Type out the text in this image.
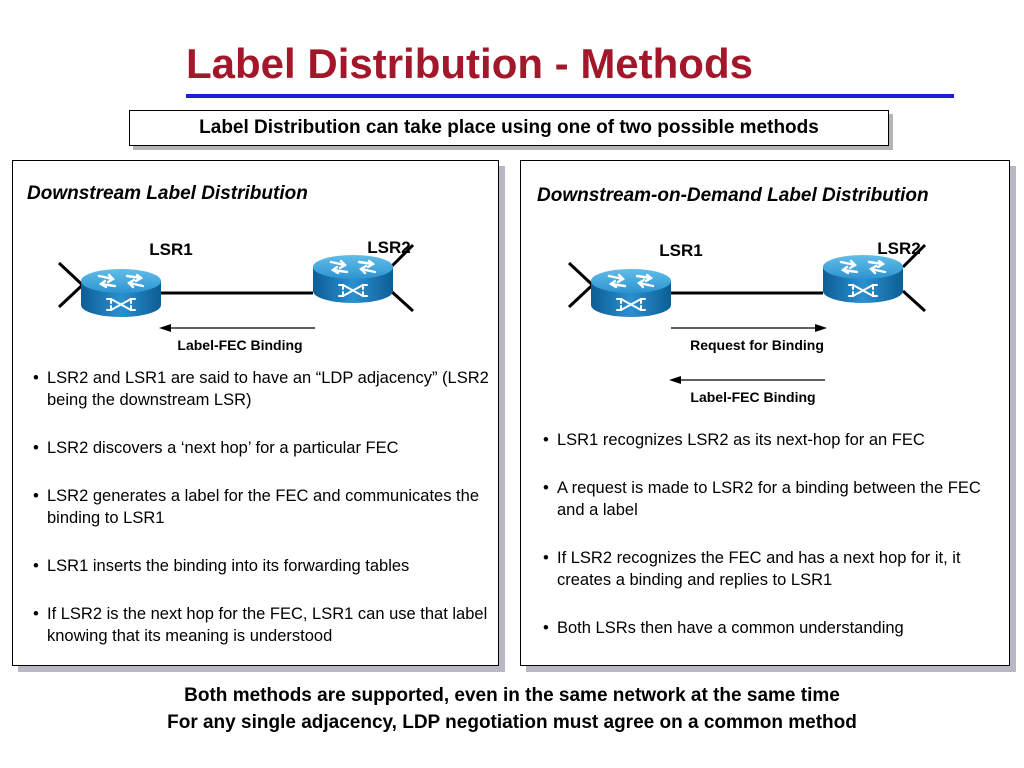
Label Distribution - Methods
Label Distribution can take place using one of two possible methods

Downstream Label Distribution

LSR1	LSR2
Label-FEC Binding
• LSR2 and LSR1 are said to have an “LDP adjacency” (LSR2 being the downstream LSR)
• LSR2 discovers a ‘next hop’ for a particular FEC
• LSR2 generates a label for the FEC and communicates the binding to LSR1
• LSR1 inserts the binding into its forwarding tables
• If LSR2 is the next hop for the FEC, LSR1 can use that label knowing that its meaning is understood

Downstream-on-Demand Label Distribution

LSR1	LSR2
Request for Binding
Label-FEC Binding
• LSR1 recognizes LSR2 as its next-hop for an FEC
• A request is made to LSR2 for a binding between the FEC and a label
• If LSR2 recognizes the FEC and has a next hop for it, it creates a binding and replies to LSR1
• Both LSRs then have a common understanding
Both methods are supported, even in the same network at the same time
For any single adjacency, LDP negotiation must agree on a common method
